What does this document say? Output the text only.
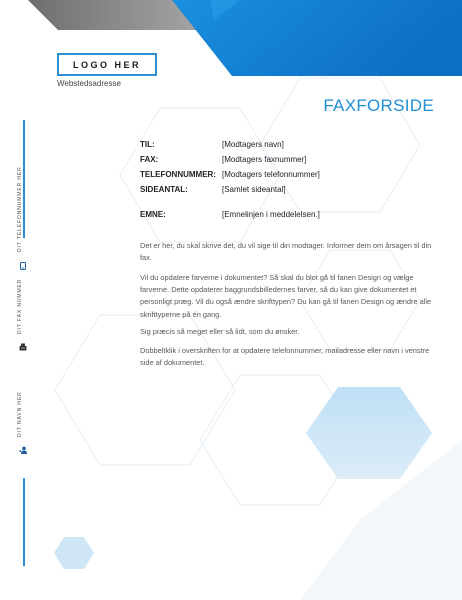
LOGO HER
Webstedsadresse
FAXFORSIDE
TIL:	[Modtagers navn]
FAX:	[Modtagers faxnummer]
TELEFONNUMMER: [Modtagers telefonnummer]
SIDEANTAL:	[Samlet sideantal]
EMNE:	[Emnelinjen i meddelelsen.]

Det er her, du skal skrive det, du vil sige til din modtager. Informer dem om årsagen til din fax.

Vil du opdatere farverne i dokumentet? Så skal du blot gå til fanen Design og vælge farverne. Dette opdaterer baggrundsbilledernes farver, så du kan give dokumentet et personligt præg. Vil du også ændre skrifttypen? Du kan gå til fanen Design og ændre alle skrifttyperne på én gang.

Sig præcis så meget eller så lidt, som du ønsker.

Dobbeltklik i overskriften for at opdatere telefonnummer, mailadresse eller navn i venstre side af dokumentet.

DIT TELEFONNUMMER HER
DIT FAX NUMMER
DIT NAVN HER
